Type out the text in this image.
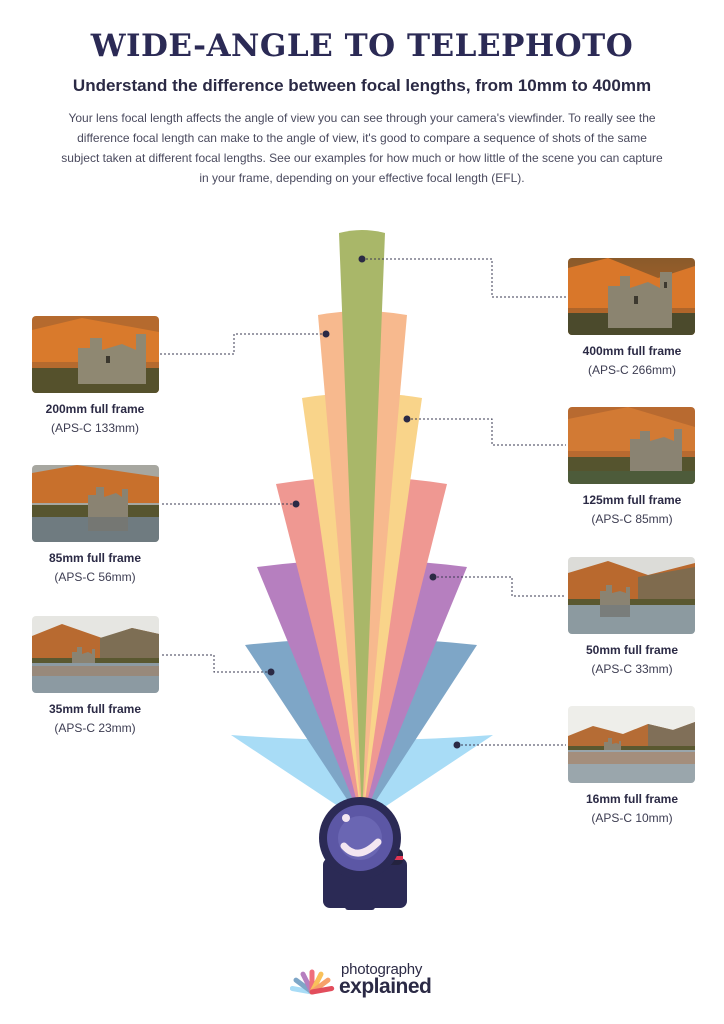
WIDE-ANGLE TO TELEPHOTO
Understand the difference between focal lengths, from 10mm to 400mm

Your lens focal length affects the angle of view you can see through your camera's viewfinder. To really see the difference focal length can make to the angle of view, it's good to compare a sequence of shots of the same subject taken at different focal lengths. See our examples for how much or how little of the scene you can capture in your frame, depending on your effective focal length (EFL).

400mm full frame
(APS-C 266mm)
200mm full frame
(APS-C 133mm)
125mm full frame
(APS-C 85mm)
85mm full frame
(APS-C 56mm)
50mm full frame
(APS-C 33mm)
35mm full frame
(APS-C 23mm)
16mm full frame
(APS-C 10mm)
photography
explained
